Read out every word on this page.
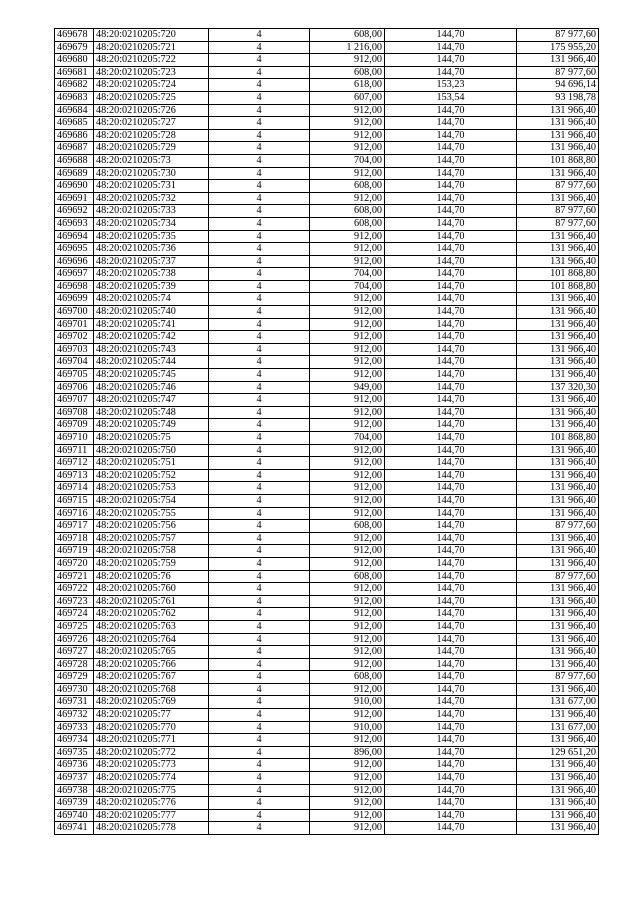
469678	48:20:0210205:720	4	608,00	144,70	87 977,60
469679	48:20:0210205:721	4	1 216,00	144,70	175 955,20
469680	48:20:0210205:722	4	912,00	144,70	131 966,40
469681	48:20:0210205:723	4	608,00	144,70	87 977,60
469682	48:20:0210205:724	4	618,00	153,23	94 696,14
469683	48:20:0210205:725	4	607,00	153,54	93 198,78
469684	48:20:0210205:726	4	912,00	144,70	131 966,40
469685	48:20:0210205:727	4	912,00	144,70	131 966,40
469686	48:20:0210205:728	4	912,00	144,70	131 966,40
469687	48:20:0210205:729	4	912,00	144,70	131 966,40
469688	48:20:0210205:73	4	704,00	144,70	101 868,80
469689	48:20:0210205:730	4	912,00	144,70	131 966,40
469690	48:20:0210205:731	4	608,00	144,70	87 977,60
469691	48:20:0210205:732	4	912,00	144,70	131 966,40
469692	48:20:0210205:733	4	608,00	144,70	87 977,60
469693	48:20:0210205:734	4	608,00	144,70	87 977,60
469694	48:20:0210205:735	4	912,00	144,70	131 966,40
469695	48:20:0210205:736	4	912,00	144,70	131 966,40
469696	48:20:0210205:737	4	912,00	144,70	131 966,40
469697	48:20:0210205:738	4	704,00	144,70	101 868,80
469698	48:20:0210205:739	4	704,00	144,70	101 868,80
469699	48:20:0210205:74	4	912,00	144,70	131 966,40
469700	48:20:0210205:740	4	912,00	144,70	131 966,40
469701	48:20:0210205:741	4	912,00	144,70	131 966,40
469702	48:20:0210205:742	4	912,00	144,70	131 966,40
469703	48:20:0210205:743	4	912,00	144,70	131 966,40
469704	48:20:0210205:744	4	912,00	144,70	131 966,40
469705	48:20:0210205:745	4	912,00	144,70	131 966,40
469706	48:20:0210205:746	4	949,00	144,70	137 320,30
469707	48:20:0210205:747	4	912,00	144,70	131 966,40
469708	48:20:0210205:748	4	912,00	144,70	131 966,40
469709	48:20:0210205:749	4	912,00	144,70	131 966,40
469710	48:20:0210205:75	4	704,00	144,70	101 868,80
469711	48:20:0210205:750	4	912,00	144,70	131 966,40
469712	48:20:0210205:751	4	912,00	144,70	131 966,40
469713	48:20:0210205:752	4	912,00	144,70	131 966,40
469714	48:20:0210205:753	4	912,00	144,70	131 966,40
469715	48:20:0210205:754	4	912,00	144,70	131 966,40
469716	48:20:0210205:755	4	912,00	144,70	131 966,40
469717	48:20:0210205:756	4	608,00	144,70	87 977,60
469718	48:20:0210205:757	4	912,00	144,70	131 966,40
469719	48:20:0210205:758	4	912,00	144,70	131 966,40
469720	48:20:0210205:759	4	912,00	144,70	131 966,40
469721	48:20:0210205:76	4	608,00	144,70	87 977,60
469722	48:20:0210205:760	4	912,00	144,70	131 966,40
469723	48:20:0210205:761	4	912,00	144,70	131 966,40
469724	48:20:0210205:762	4	912,00	144,70	131 966,40
469725	48:20:0210205:763	4	912,00	144,70	131 966,40
469726	48:20:0210205:764	4	912,00	144,70	131 966,40
469727	48:20:0210205:765	4	912,00	144,70	131 966,40
469728	48:20:0210205:766	4	912,00	144,70	131 966,40
469729	48:20:0210205:767	4	608,00	144,70	87 977,60
469730	48:20:0210205:768	4	912,00	144,70	131 966,40
469731	48:20:0210205:769	4	910,00	144,70	131 677,00
469732	48:20:0210205:77	4	912,00	144,70	131 966,40
469733	48:20:0210205:770	4	910,00	144,70	131 677,00
469734	48:20:0210205:771	4	912,00	144,70	131 966,40
469735	48:20:0210205:772	4	896,00	144,70	129 651,20
469736	48:20:0210205:773	4	912,00	144,70	131 966,40
469737	48:20:0210205:774	4	912,00	144,70	131 966,40
469738	48:20:0210205:775	4	912,00	144,70	131 966,40
469739	48:20:0210205:776	4	912,00	144,70	131 966,40
469740	48:20:0210205:777	4	912,00	144,70	131 966,40
469741	48:20:0210205:778	4	912,00	144,70	131 966,40
